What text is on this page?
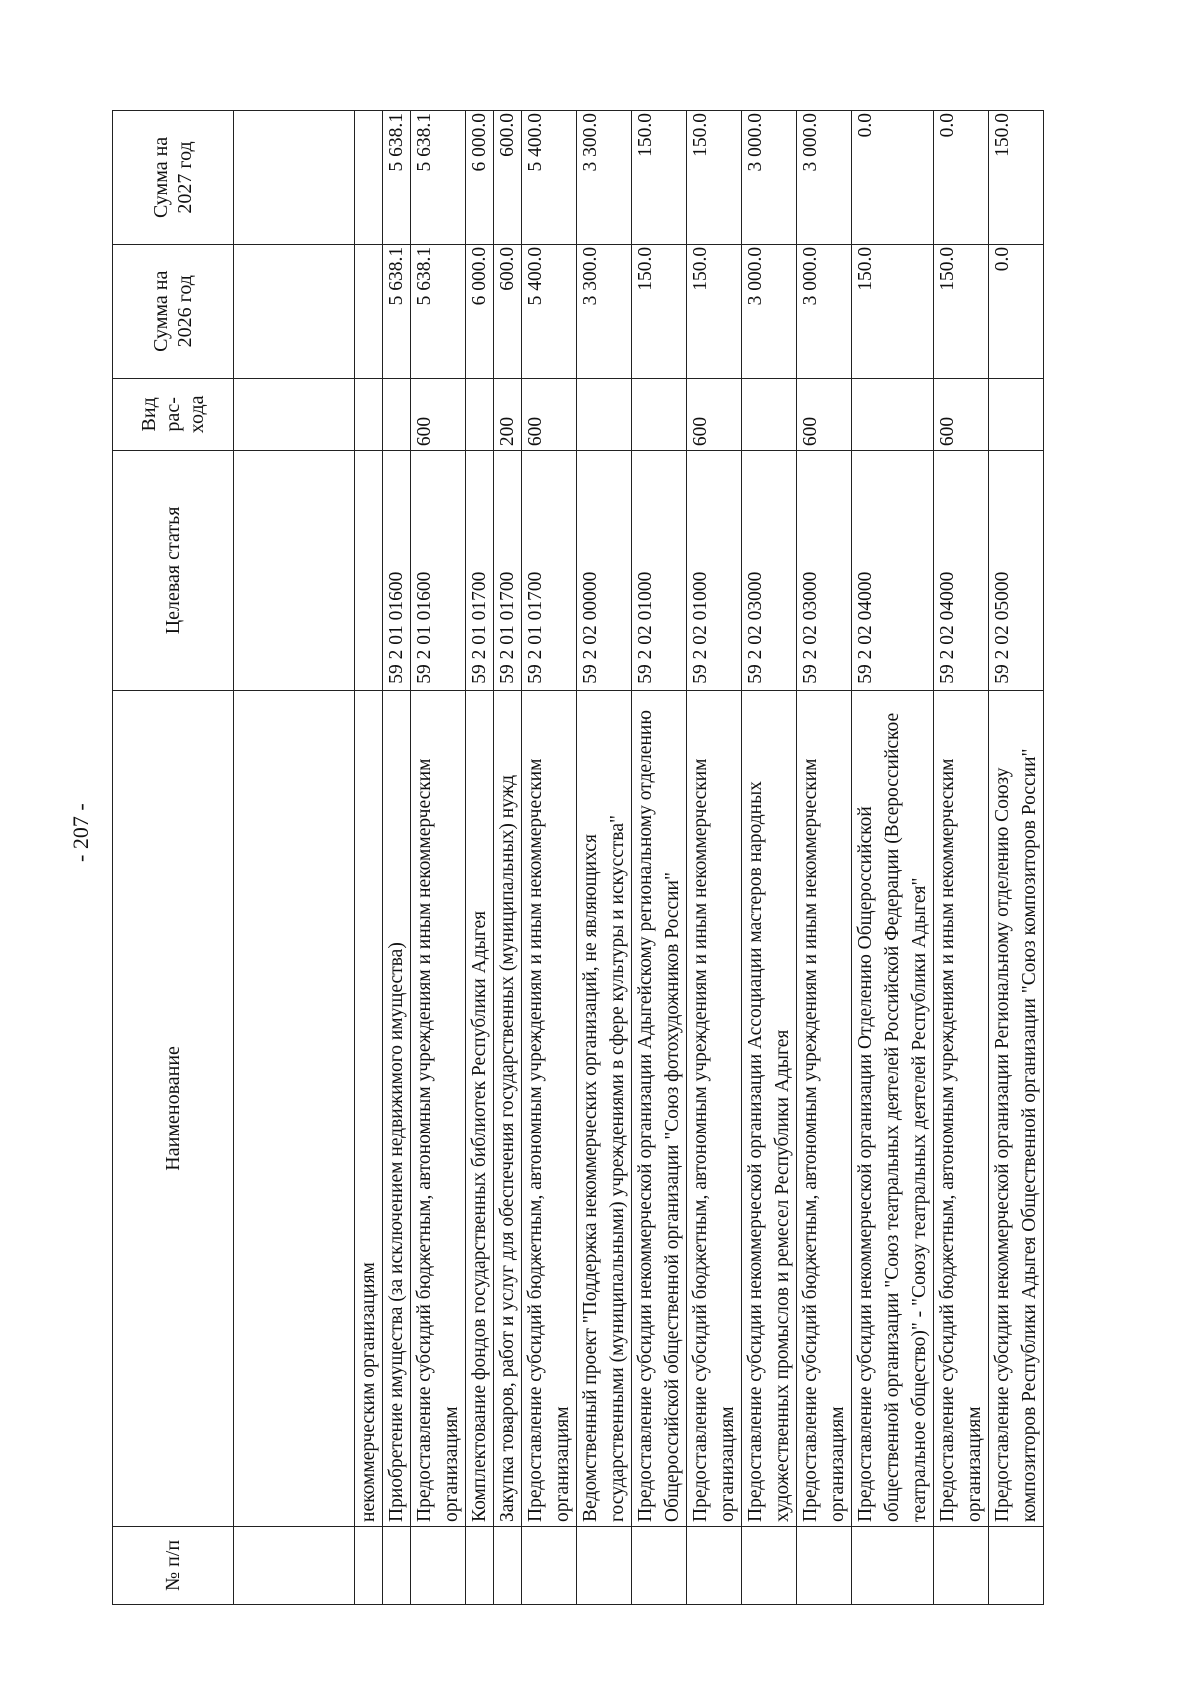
- 207 -
№ п/п	Наименование	Целевая статья	Вид рас- хода	Сумма на 2026 год	Сумма на 2027 год

	некоммерческим организациям				
	Приобретение имущества (за исключением недвижимого имущества)	59 2 01 01600		5 638.1	5 638.1
	Предоставление субсидий бюджетным, автономным учреждениям и иным некоммерческим организациям	59 2 01 01600	600	5 638.1	5 638.1
	Комплектование фондов государственных библиотек Республики Адыгея	59 2 01 01700		6 000.0	6 000.0
	Закупка товаров, работ и услуг для обеспечения государственных (муниципальных) нужд	59 2 01 01700	200	600.0	600.0
	Предоставление субсидий бюджетным, автономным учреждениям и иным некоммерческим организациям	59 2 01 01700	600	5 400.0	5 400.0
	Ведомственный проект "Поддержка некоммерческих организаций, не являющихся государственными (муниципальными) учреждениями в сфере культуры и искусства"	59 2 02 00000		3 300.0	3 300.0
	Предоставление субсидии некоммерческой организации Адыгейскому региональному отделению Общероссийской общественной организации "Союз фотохудожников России"	59 2 02 01000		150.0	150.0
	Предоставление субсидий бюджетным, автономным учреждениям и иным некоммерческим организациям	59 2 02 01000	600	150.0	150.0
	Предоставление субсидии некоммерческой организации Ассоциации мастеров народных художественных промыслов и ремесел Республики Адыгея	59 2 02 03000		3 000.0	3 000.0
	Предоставление субсидий бюджетным, автономным учреждениям и иным некоммерческим организациям	59 2 02 03000	600	3 000.0	3 000.0
	Предоставление субсидии некоммерческой организации Отделению Общероссийской общественной организации "Союз театральных деятелей Российской Федерации (Всероссийское театральное общество)" - "Союзу театральных деятелей Республики Адыгея"	59 2 02 04000		150.0	0.0
	Предоставление субсидий бюджетным, автономным учреждениям и иным некоммерческим организациям	59 2 02 04000	600	150.0	0.0
	Предоставление субсидии некоммерческой организации Региональному отделению Союзу композиторов Республики Адыгея Общественной организации "Союз композиторов России"	59 2 02 05000		0.0	150.0
